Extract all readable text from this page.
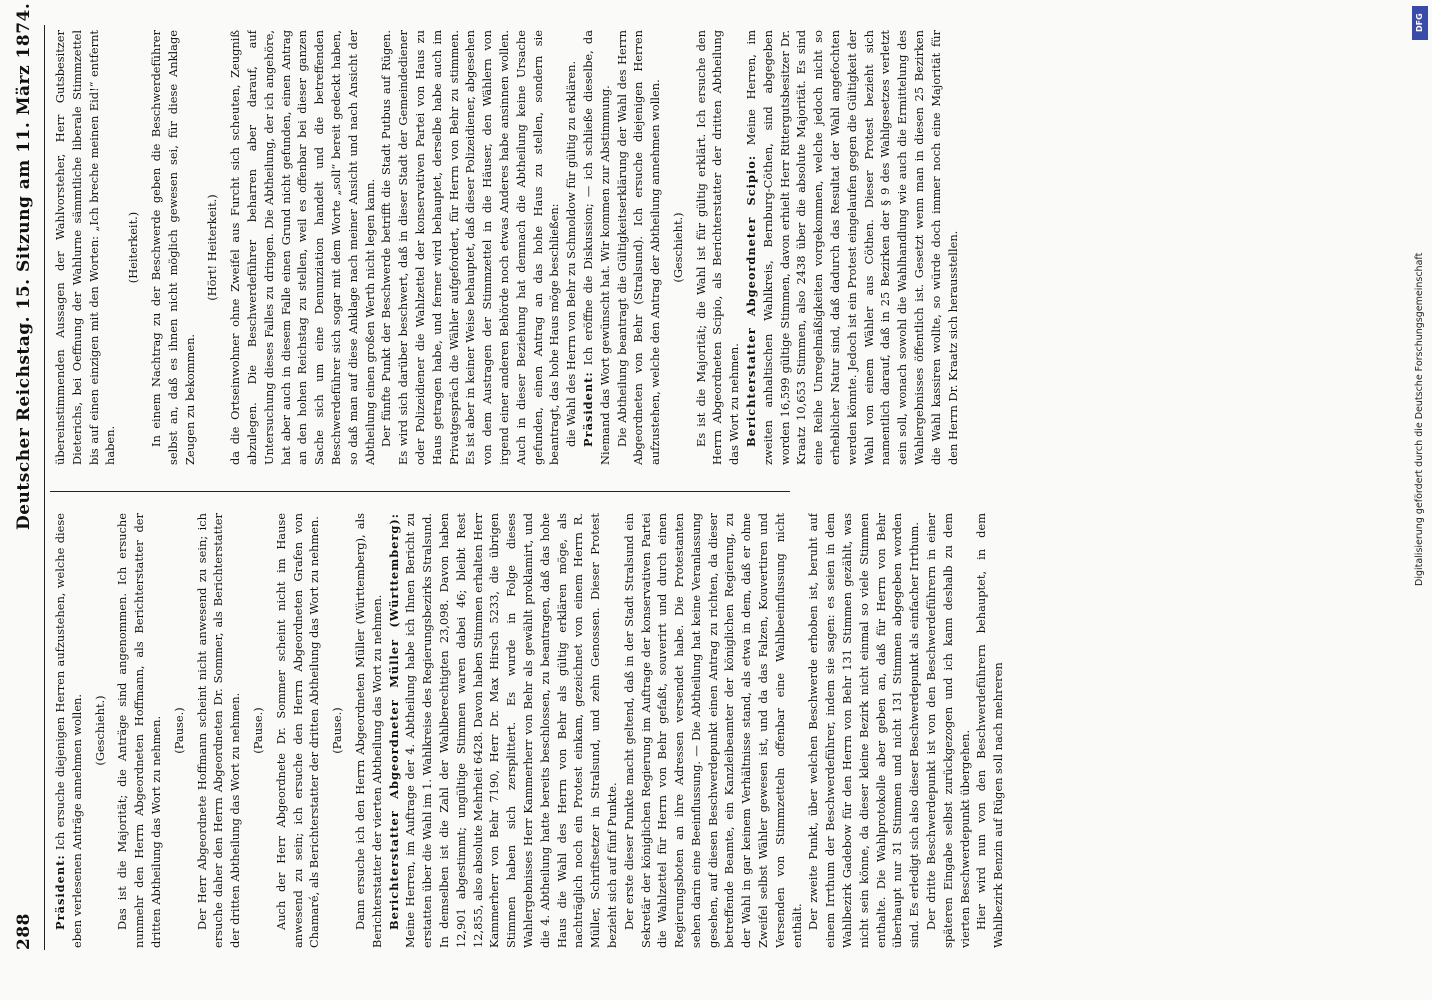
288
Deutscher Reichstag. 15. Sitzung am 11. März 1874.

Präsident: Ich ersuche diejenigen Herren aufzustehen, welche diese eben verlesenen Anträge annehmen wollen. (Geschieht.) Das ist die Majorität; die Anträge sind angenommen. Ich ersuche nunmehr den Herrn Abgeordneten Hoffmann, als Berichterstatter der dritten Abtheilung das Wort zu nehmen. (Pause.) Der Herr Abgeordnete Hoffmann scheint nicht anwesend zu sein; ich ersuche daher den Herrn Abgeordneten Dr. Sommer, als Berichterstatter der dritten Abtheilung das Wort zu nehmen. (Pause.) Auch der Herr Abgeordnete Dr. Sommer scheint nicht im Hause anwesend zu sein; ich ersuche den Herrn Abgeordneten Grafen von Chamaré, als Berichterstatter der dritten Abtheilung das Wort zu nehmen. (Pause.) Dann ersuche ich den Herrn Abgeordneten Müller (Württemberg), als Berichterstatter der vierten Abtheilung das Wort zu nehmen. Berichterstatter Abgeordneter Müller (Württemberg): Meine Herren, im Auftrage der 4. Abtheilung habe ich Ihnen Bericht zu erstatten über die Wahl im 1. Wahlkreise des Regierungsbezirks Stralsund. In demselben ist die Zahl der Wahlberechtigten 23,098. Davon haben 12,901 abgestimmt; ungültige Stimmen waren dabei 46; bleibt Rest 12,855, also absolute Mehrheit 6428. Davon haben Stimmen erhalten Herr Kammerherr von Behr 7190, Herr Dr. Max Hirsch 5233, die übrigen Stimmen haben sich zersplittert. Es wurde in Folge dieses Wahlergebnisses Herr Kammerherr von Behr als gewählt proklamirt, und die 4. Abtheilung hatte bereits beschlossen, zu beantragen, daß das hohe Haus die Wahl des Herrn von Behr als gültig erklären möge, als nachträglich noch ein Protest einkam, gezeichnet von einem Herrn R. Müller, Schriftsetzer in Stralsund, und zehn Genossen. Dieser Protest bezieht sich auf fünf Punkte. Der erste dieser Punkte macht geltend, daß in der Stadt Stralsund ein Sekretär der königlichen Regierung im Auftrage der konservativen Partei die Wahlzettel für Herrn von Behr gefaßt, souverirt und durch einen Regierungsboten an ihre Adressen versendet habe. Die Protestanten sehen darin eine Beeinflussung. — Die Abtheilung hat keine Veranlassung gesehen, auf diesen Beschwerdepunkt einen Antrag zu richten, da dieser betreffende Beamte, ein Kanzleibeamter der königlichen Regierung, zu der Wahl in gar keinem Verhältnisse stand, als etwa in dem, daß er ohne Zweifel selbst Wähler gewesen ist, und da das Falzen, Kouvertiren und Versenden von Stimmzetteln offenbar eine Wahlbeeinflussung nicht enthält. Der zweite Punkt, über welchen Beschwerde erhoben ist, beruht auf einem Irrthum der Beschwerdeführer, indem sie sagen: es seien in dem Wahlbezirk Gadebow für den Herrn von Behr 131 Stimmen gezählt, was nicht sein könne, da dieser kleine Bezirk nicht einmal so viele Stimmen enthalte. Die Wahlprotokolle aber geben an, daß für Herrn von Behr überhaupt nur 31 Stimmen und nicht 131 Stimmen abgegeben worden sind. Es erledigt sich also dieser Beschwerdepunkt als einfacher Irrthum. Der dritte Beschwerdepunkt ist von den Beschwerdeführern in einer späteren Eingabe selbst zurückgezogen und ich kann deshalb zu dem vierten Beschwerdepunkt übergehen. Hier wird nun von den Beschwerdeführern behauptet, in dem Wahlbezirk Benzin auf Rügen soll nach mehreren

übereinstimmenden Aussagen der Wahlvorsteher, Herr Gutsbesitzer Dieterichs, bei Oeffnung der Wahlurne sämmtliche liberale Stimmzettel bis auf einen einzigen mit den Worten: „Ich breche meinen Eid!“ entfernt haben.

(Heiterkeit.) In einem Nachtrag zu der Beschwerde geben die Beschwerdeführer selbst an, daß es ihnen nicht möglich gewesen sei, für diese Anklage Zeugen zu bekommen.

(Hört! Heiterkeit.) da die Ortseinwohner ohne Zweifel aus Furcht sich scheuten, Zeugniß abzulegen. Die Beschwerdeführer beharren aber darauf, auf Untersuchung dieses Falles zu dringen. Die Abtheilung, der ich angehöre, hat aber auch in diesem Falle einen Grund nicht gefunden, einen Antrag an den hohen Reichstag zu stellen, weil es offenbar bei dieser ganzen Sache sich um eine Denunziation handelt und die betreffenden Beschwerdeführer sich sogar mit dem Worte „soll“ bereit gedeckt haben, so daß man auf diese Anklage nach meiner Ansicht und nach Ansicht der Abtheilung einen großen Werth nicht legen kann. Der fünfte Punkt der Beschwerde betrifft die Stadt Putbus auf Rügen. Es wird sich darüber beschwert, daß in dieser Stadt der Gemeindediener oder Polizeidiener die Wahlzettel der konservativen Partei von Haus zu Haus getragen habe, und ferner wird behauptet, derselbe habe auch im Privatgespräch die Wähler aufgefordert, für Herrn von Behr zu stimmen. Es ist aber in keiner Weise behauptet, daß dieser Polizeidiener, abgesehen von dem Austragen der Stimmzettel in die Häuser, den Wählern von irgend einer anderen Behörde noch etwas Anderes habe ansinnen wollen. Auch in dieser Beziehung hat demnach die Abtheilung keine Ursache gefunden, einen Antrag an das hohe Haus zu stellen, sondern sie beantragt, das hohe Haus möge beschließen: die Wahl des Herrn von Behr zu Schmoldow für gültig zu erklären. Präsident: Ich eröffne die Diskussion; — ich schließe dieselbe, da Niemand das Wort gewünscht hat. Wir kommen zur Abstimmung. Die Abtheilung beantragt die Gültigkeitserklärung der Wahl des Herrn Abgeordneten von Behr (Stralsund). Ich ersuche diejenigen Herren aufzustehen, welche den Antrag der Abtheilung annehmen wollen. (Geschieht.) Es ist die Majorität; die Wahl ist für gültig erklärt. Ich ersuche den Herrn Abgeordneten Scipio, als Berichterstatter der dritten Abtheilung das Wort zu nehmen. Berichterstatter Abgeordneter Scipio: Meine Herren, im zweiten anhaltischen Wahlkreis, Bernburg-Cöthen, sind abgegeben worden 16,599 gültige Stimmen, davon erhielt Herr Rittergutsbesitzer Dr. Kraatz 10,653 Stimmen, also 2438 über die absolute Majorität. Es sind eine Reihe Unregelmäßigkeiten vorgekommen, welche jedoch nicht so erheblicher Natur sind, daß dadurch das Resultat der Wahl angefochten werden könnte. Jedoch ist ein Protest eingelaufen gegen die Gültigkeit der Wahl von einem Wähler aus Cöthen. Dieser Protest bezieht sich namentlich darauf, daß in 25 Bezirken der § 9 des Wahlgesetzes verletzt sein soll, wonach sowohl die Wahlhandlung wie auch die Ermittelung des Wahlergebnisses öffentlich ist. Gesetzt wenn man in diesen 25 Bezirken die Wahl kassiren wollte, so würde doch immer noch eine Majorität für den Herrn Dr. Kraatz sich herausstellen.

DFG
Digitalisierung gefördert durch die Deutsche Forschungsgemeinschaft
